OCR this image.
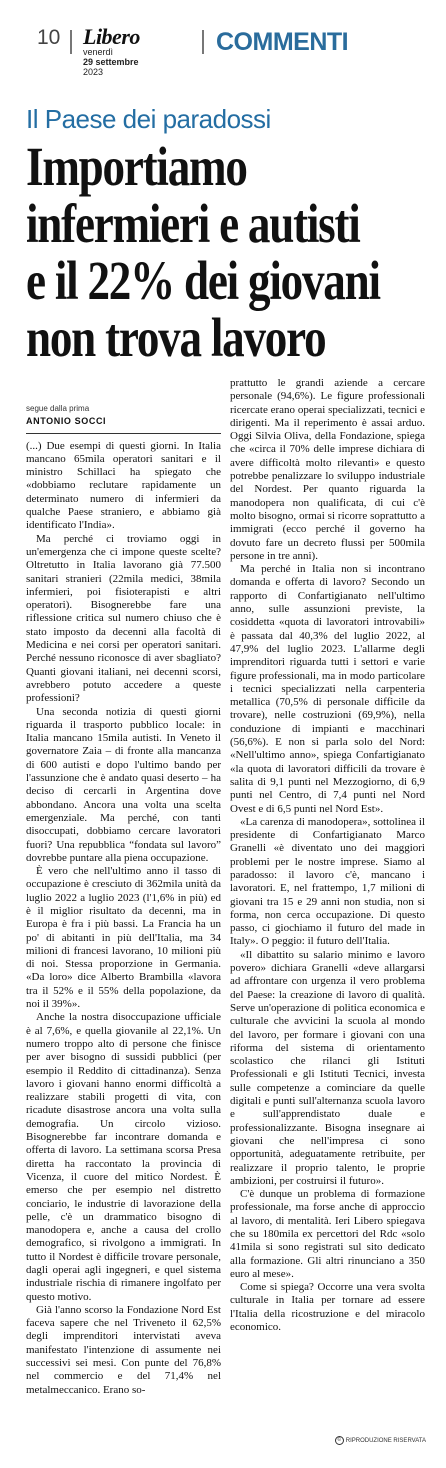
10 Libero
venerdì
29 settembre
2023
COMMENTI
Il Paese dei paradossi
Importiamo
infermieri e autisti
e il 22% dei giovani
non trova lavoro

segue dalla prima

ANTONIO SOCCI

(...) Due esempi di questi giorni. In Italia mancano 65mila operatori sanitari e il ministro Schillaci ha spiegato che «dobbiamo reclutare rapidamente un determinato numero di infermieri da qualche Paese straniero, e abbiamo già identificato l'India».

Ma perché ci troviamo oggi in un'emergenza che ci impone queste scelte? Oltretutto in Italia lavorano già 77.500 sanitari stranieri (22mila medici, 38mila infermieri, poi fisioterapisti e altri operatori). Bisognerebbe fare una riflessione critica sul numero chiuso che è stato imposto da decenni alla facoltà di Medicina e nei corsi per operatori sanitari. Perché nessuno riconosce di aver sbagliato? Quanti giovani italiani, nei decenni scorsi, avrebbero potuto accedere a queste professioni?

Una seconda notizia di questi giorni riguarda il trasporto pubblico locale: in Italia mancano 15mila autisti. In Veneto il governatore Zaia – di fronte alla mancanza di 600 autisti e dopo l'ultimo bando per l'assunzione che è andato quasi deserto – ha deciso di cercarli in Argentina dove abbondano. Ancora una volta una scelta emergenziale. Ma perché, con tanti disoccupati, dobbiamo cercare lavoratori fuori? Una repubblica “fondata sul lavoro” dovrebbe puntare alla piena occupazione.

È vero che nell'ultimo anno il tasso di occupazione è cresciuto di 362mila unità da luglio 2022 a luglio 2023 (l'1,6% in più) ed è il miglior risultato da decenni, ma in Europa è fra i più bassi. La Francia ha un po' di abitanti in più dell'Italia, ma 34 milioni di francesi lavorano, 10 milioni più di noi. Stessa proporzione in Germania. «Da loro» dice Alberto Brambilla «lavora tra il 52% e il 55% della popolazione, da noi il 39%».

Anche la nostra disoccupazione ufficiale è al 7,6%, e quella giovanile al 22,1%. Un numero troppo alto di persone che finisce per aver bisogno di sussidi pubblici (per esempio il Reddito di cittadinanza). Senza lavoro i giovani hanno enormi difficoltà a realizzare stabili progetti di vita, con ricadute disastrose ancora una volta sulla demografia. Un circolo vizioso. Bisognerebbe far incontrare domanda e offerta di lavoro. La settimana scorsa Presa diretta ha raccontato la provincia di Vicenza, il cuore del mitico Nordest. È emerso che per esempio nel distretto conciario, le industrie di lavorazione della pelle, c'è un drammatico bisogno di manodopera e, anche a causa del crollo demografico, si rivolgono a immigrati. In tutto il Nordest è difficile trovare personale, dagli operai agli ingegneri, e quel sistema industriale rischia di rimanere ingolfato per questo motivo.

Già l'anno scorso la Fondazione Nord Est faceva sapere che nel Triveneto il 62,5% degli imprenditori intervistati aveva manifestato l'intenzione di assumente nei successivi sei mesi. Con punte del 76,8% nel commercio e del 71,4% nel metalmeccanico. Erano so-

prattutto le grandi aziende a cercare personale (94,6%). Le figure professionali ricercate erano operai specializzati, tecnici e dirigenti. Ma il reperimento è assai arduo. Oggi Silvia Oliva, della Fondazione, spiega che «circa il 70% delle imprese dichiara di avere difficoltà molto rilevanti» e questo potrebbe penalizzare lo sviluppo industriale del Nordest. Per quanto riguarda la manodopera non qualificata, di cui c'è molto bisogno, ormai si ricorre soprattutto a immigrati (ecco perché il governo ha dovuto fare un decreto flussi per 500mila persone in tre anni).

Ma perché in Italia non si incontrano domanda e offerta di lavoro? Secondo un rapporto di Confartigianato nell'ultimo anno, sulle assunzioni previste, la cosiddetta «quota di lavoratori introvabili» è passata dal 40,3% del luglio 2022, al 47,9% del luglio 2023. L'allarme degli imprenditori riguarda tutti i settori e varie figure professionali, ma in modo particolare i tecnici specializzati nella carpenteria metallica (70,5% di personale difficile da trovare), nelle costruzioni (69,9%), nella conduzione di impianti e macchinari (56,6%). E non si parla solo del Nord: «Nell'ultimo anno», spiega Confartigianato «la quota di lavoratori difficili da trovare è salita di 9,1 punti nel Mezzogiorno, di 6,9 punti nel Centro, di 7,4 punti nel Nord Ovest e di 6,5 punti nel Nord Est».

«La carenza di manodopera», sottolinea il presidente di Confartigianato Marco Granelli «è diventato uno dei maggiori problemi per le nostre imprese. Siamo al paradosso: il lavoro c'è, mancano i lavoratori. E, nel frattempo, 1,7 milioni di giovani tra 15 e 29 anni non studia, non si forma, non cerca occupazione. Di questo passo, ci giochiamo il futuro del made in Italy». O peggio: il futuro dell'Italia.

«Il dibattito su salario minimo e lavoro povero» dichiara Granelli «deve allargarsi ad affrontare con urgenza il vero problema del Paese: la creazione di lavoro di qualità. Serve un'operazione di politica economica e culturale che avvicini la scuola al mondo del lavoro, per formare i giovani con una riforma del sistema di orientamento scolastico che rilanci gli Istituti Professionali e gli Istituti Tecnici, investa sulle competenze a cominciare da quelle digitali e punti sull'alternanza scuola lavoro e sull'apprendistato duale e professionalizzante. Bisogna insegnare ai giovani che nell'impresa ci sono opportunità, adeguatamente retribuite, per realizzare il proprio talento, le proprie ambizioni, per costruirsi il futuro».

C'è dunque un problema di formazione professionale, ma forse anche di approccio al lavoro, di mentalità. Ieri Libero spiegava che su 180mila ex percettori del Rdc «solo 41mila si sono registrati sul sito dedicato alla formazione. Gli altri rinunciano a 350 euro al mese».

Come si spiega? Occorre una vera svolta culturale in Italia per tornare ad essere l'Italia della ricostruzione e del miracolo economico.

© RIPRODUZIONE RISERVATA
